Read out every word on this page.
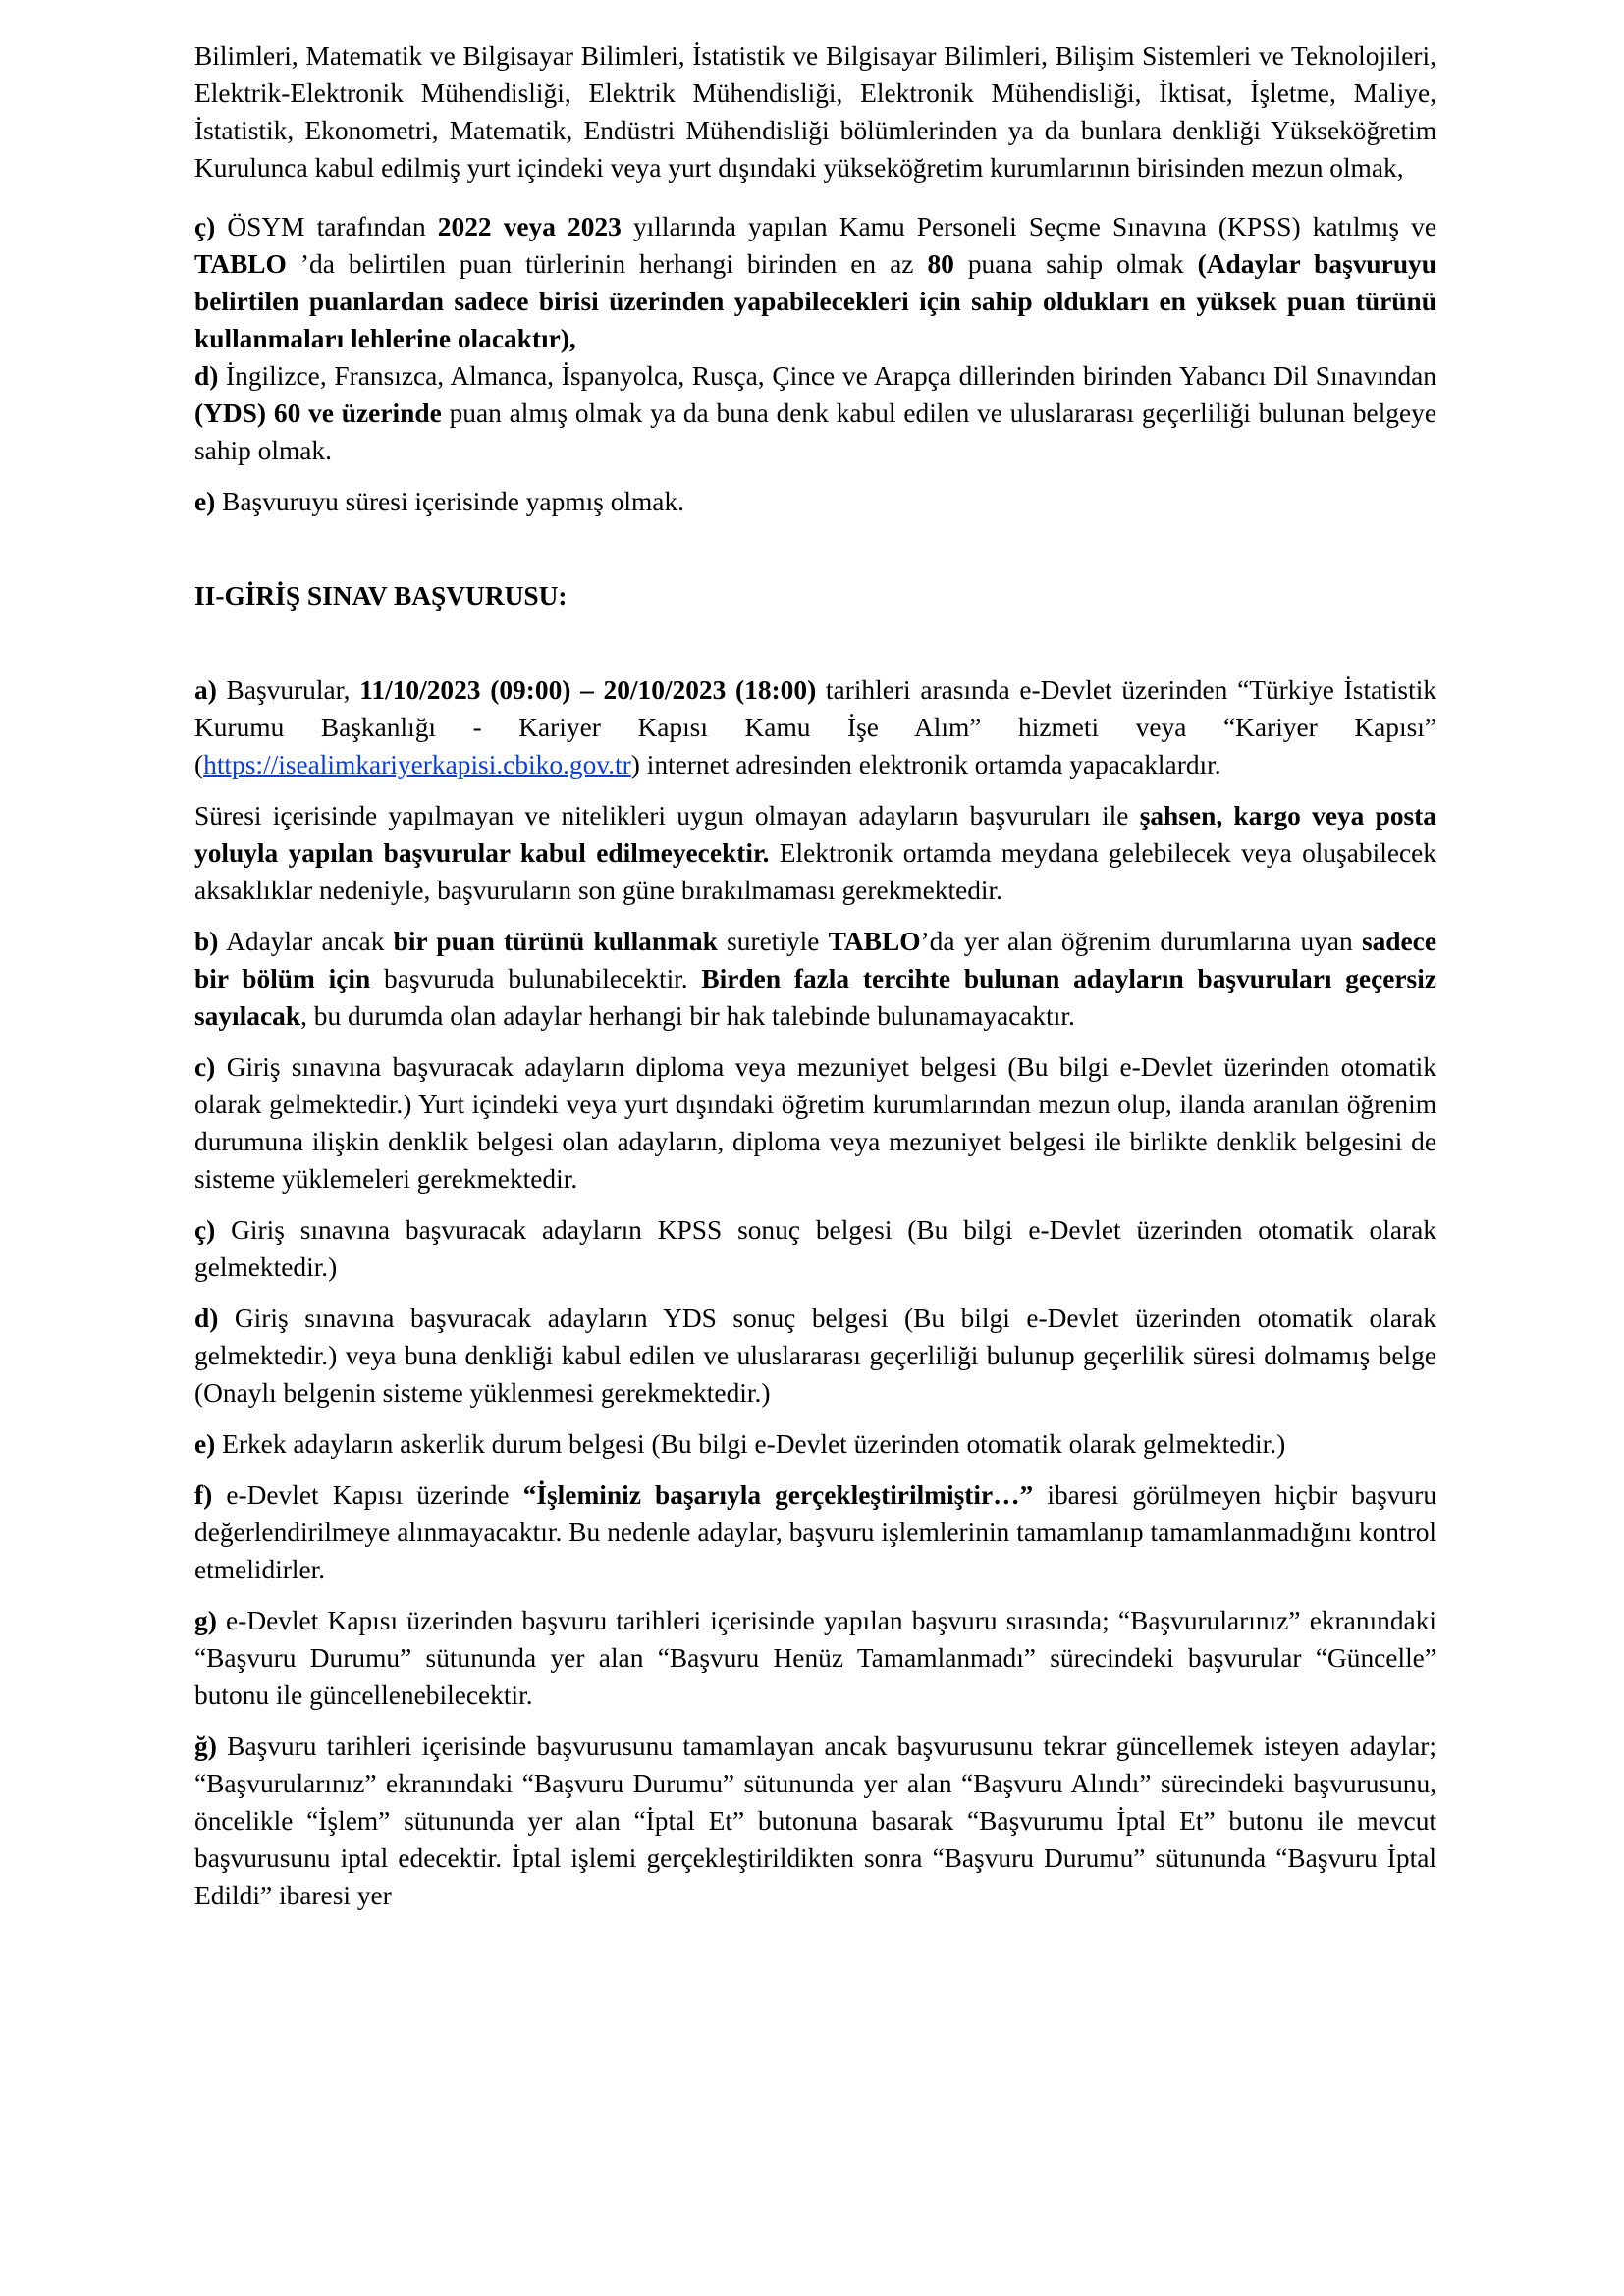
Bilimleri, Matematik ve Bilgisayar Bilimleri, İstatistik ve Bilgisayar Bilimleri, Bilişim Sistemleri ve Teknolojileri, Elektrik-Elektronik Mühendisliği, Elektrik Mühendisliği, Elektronik Mühendisliği, İktisat, İşletme, Maliye, İstatistik, Ekonometri, Matematik, Endüstri Mühendisliği bölümlerinden ya da bunlara denkliği Yükseköğretim Kurulunca kabul edilmiş yurt içindeki veya yurt dışındaki yükseköğretim kurumlarının birisinden mezun olmak,

ç) ÖSYM tarafından 2022 veya 2023 yıllarında yapılan Kamu Personeli Seçme Sınavına (KPSS) katılmış ve TABLO ’da belirtilen puan türlerinin herhangi birinden en az 80 puana sahip olmak (Adaylar başvuruyu belirtilen puanlardan sadece birisi üzerinden yapabilecekleri için sahip oldukları en yüksek puan türünü kullanmaları lehlerine olacaktır),

d) İngilizce, Fransızca, Almanca, İspanyolca, Rusça, Çince ve Arapça dillerinden birinden Yabancı Dil Sınavından (YDS) 60 ve üzerinde puan almış olmak ya da buna denk kabul edilen ve uluslararası geçerliliği bulunan belgeye sahip olmak.

e) Başvuruyu süresi içerisinde yapmış olmak.

II-GİRİŞ SINAV BAŞVURUSU:

a) Başvurular, 11/10/2023 (09:00) – 20/10/2023 (18:00) tarihleri arasında e-Devlet üzerinden “Türkiye İstatistik Kurumu Başkanlığı - Kariyer Kapısı Kamu İşe Alım” hizmeti veya “Kariyer Kapısı” (https://isealimkariyerkapisi.cbiko.gov.tr) internet adresinden elektronik ortamda yapacaklardır.

Süresi içerisinde yapılmayan ve nitelikleri uygun olmayan adayların başvuruları ile şahsen, kargo veya posta yoluyla yapılan başvurular kabul edilmeyecektir. Elektronik ortamda meydana gelebilecek veya oluşabilecek aksaklıklar nedeniyle, başvuruların son güne bırakılmaması gerekmektedir.

b) Adaylar ancak bir puan türünü kullanmak suretiyle TABLO’da yer alan öğrenim durumlarına uyan sadece bir bölüm için başvuruda bulunabilecektir. Birden fazla tercihte bulunan adayların başvuruları geçersiz sayılacak, bu durumda olan adaylar herhangi bir hak talebinde bulunamayacaktır.

c) Giriş sınavına başvuracak adayların diploma veya mezuniyet belgesi (Bu bilgi e-Devlet üzerinden otomatik olarak gelmektedir.) Yurt içindeki veya yurt dışındaki öğretim kurumlarından mezun olup, ilanda aranılan öğrenim durumuna ilişkin denklik belgesi olan adayların, diploma veya mezuniyet belgesi ile birlikte denklik belgesini de sisteme yüklemeleri gerekmektedir.

ç) Giriş sınavına başvuracak adayların KPSS sonuç belgesi (Bu bilgi e-Devlet üzerinden otomatik olarak gelmektedir.)

d) Giriş sınavına başvuracak adayların YDS sonuç belgesi (Bu bilgi e-Devlet üzerinden otomatik olarak gelmektedir.) veya buna denkliği kabul edilen ve uluslararası geçerliliği bulunup geçerlilik süresi dolmamış belge (Onaylı belgenin sisteme yüklenmesi gerekmektedir.)

e) Erkek adayların askerlik durum belgesi (Bu bilgi e-Devlet üzerinden otomatik olarak gelmektedir.)

f) e-Devlet Kapısı üzerinde “İşleminiz başarıyla gerçekleştirilmiştir…” ibaresi görülmeyen hiçbir başvuru değerlendirilmeye alınmayacaktır. Bu nedenle adaylar, başvuru işlemlerinin tamamlanıp tamamlanmadığını kontrol etmelidirler.

g) e-Devlet Kapısı üzerinden başvuru tarihleri içerisinde yapılan başvuru sırasında; “Başvurularınız” ekranındaki “Başvuru Durumu” sütununda yer alan “Başvuru Henüz Tamamlanmadı” sürecindeki başvurular “Güncelle” butonu ile güncellenebilecektir.

ğ) Başvuru tarihleri içerisinde başvurusunu tamamlayan ancak başvurusunu tekrar güncellemek isteyen adaylar; “Başvurularınız” ekranındaki “Başvuru Durumu” sütununda yer alan “Başvuru Alındı” sürecindeki başvurusunu, öncelikle “İşlem” sütununda yer alan “İptal Et” butonuna basarak “Başvurumu İptal Et” butonu ile mevcut başvurusunu iptal edecektir. İptal işlemi gerçekleştirildikten sonra “Başvuru Durumu” sütununda “Başvuru İptal Edildi” ibaresi yer
